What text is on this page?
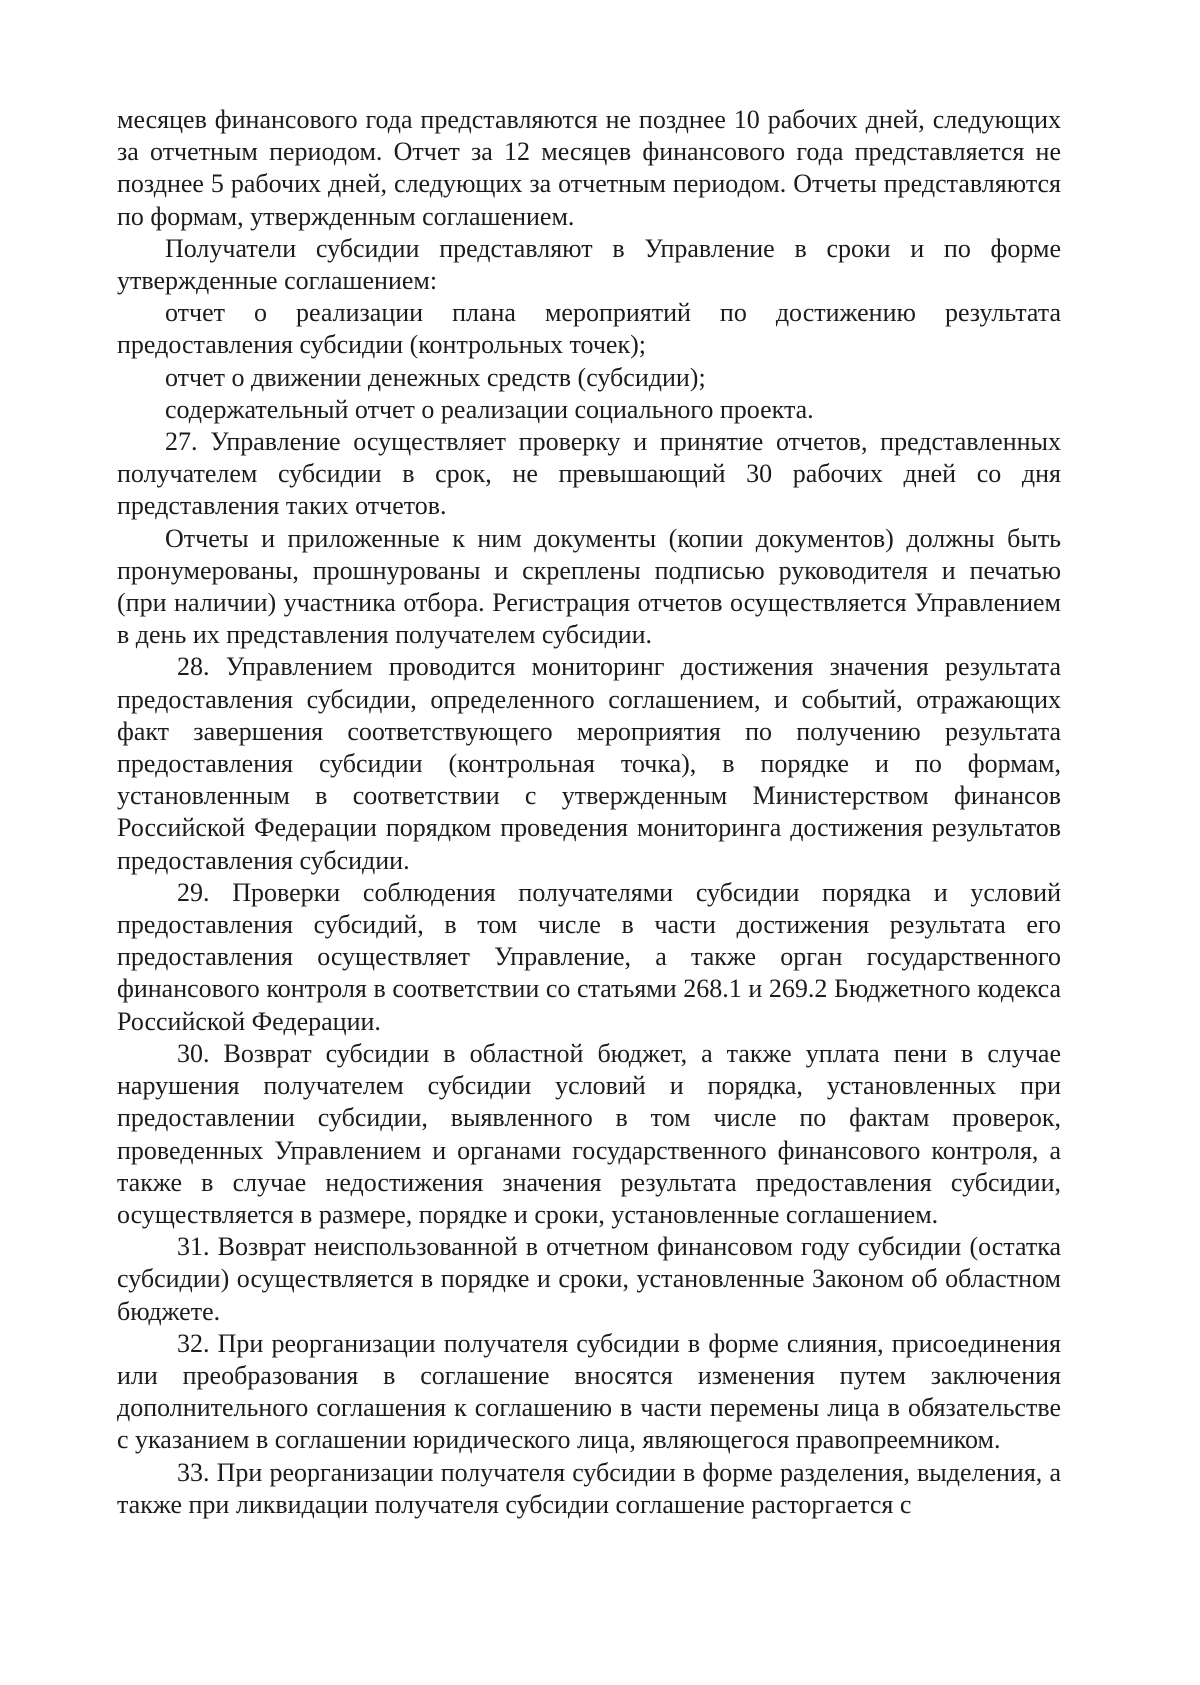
месяцев финансового года представляются не позднее 10 рабочих дней, следующих за отчетным периодом. Отчет за 12 месяцев финансового года представляется не позднее 5 рабочих дней, следующих за отчетным периодом. Отчеты представляются по формам, утвержденным соглашением.

Получатели субсидии представляют в Управление в сроки и по форме утвержденные соглашением:

отчет о реализации плана мероприятий по достижению результата предоставления субсидии (контрольных точек);

отчет о движении денежных средств (субсидии);

содержательный отчет о реализации социального проекта.

27. Управление осуществляет проверку и принятие отчетов, представленных получателем субсидии в срок, не превышающий 30 рабочих дней со дня представления таких отчетов.

Отчеты и приложенные к ним документы (копии документов) должны быть пронумерованы, прошнурованы и скреплены подписью руководителя и печатью (при наличии) участника отбора. Регистрация отчетов осуществляется Управлением в день их представления получателем субсидии.

28. Управлением проводится мониторинг достижения значения результата предоставления субсидии, определенного соглашением, и событий, отражающих факт завершения соответствующего мероприятия по получению результата предоставления субсидии (контрольная точка), в порядке и по формам, установленным в соответствии с утвержденным Министерством финансов Российской Федерации порядком проведения мониторинга достижения результатов предоставления субсидии.

29. Проверки соблюдения получателями субсидии порядка и условий предоставления субсидий, в том числе в части достижения результата его предоставления осуществляет Управление, а также орган государственного финансового контроля в соответствии со статьями 268.1 и 269.2 Бюджетного кодекса Российской Федерации.

30. Возврат субсидии в областной бюджет, а также уплата пени в случае нарушения получателем субсидии условий и порядка, установленных при предоставлении субсидии, выявленного в том числе по фактам проверок, проведенных Управлением и органами государственного финансового контроля, а также в случае недостижения значения результата предоставления субсидии, осуществляется в размере, порядке и сроки, установленные соглашением.

31. Возврат неиспользованной в отчетном финансовом году субсидии (остатка субсидии) осуществляется в порядке и сроки, установленные Законом об областном бюджете.

32. При реорганизации получателя субсидии в форме слияния, присоединения или преобразования в соглашение вносятся изменения путем заключения дополнительного соглашения к соглашению в части перемены лица в обязательстве с указанием в соглашении юридического лица, являющегося правопреемником.

33. При реорганизации получателя субсидии в форме разделения, выделения, а также при ликвидации получателя субсидии соглашение расторгается с
